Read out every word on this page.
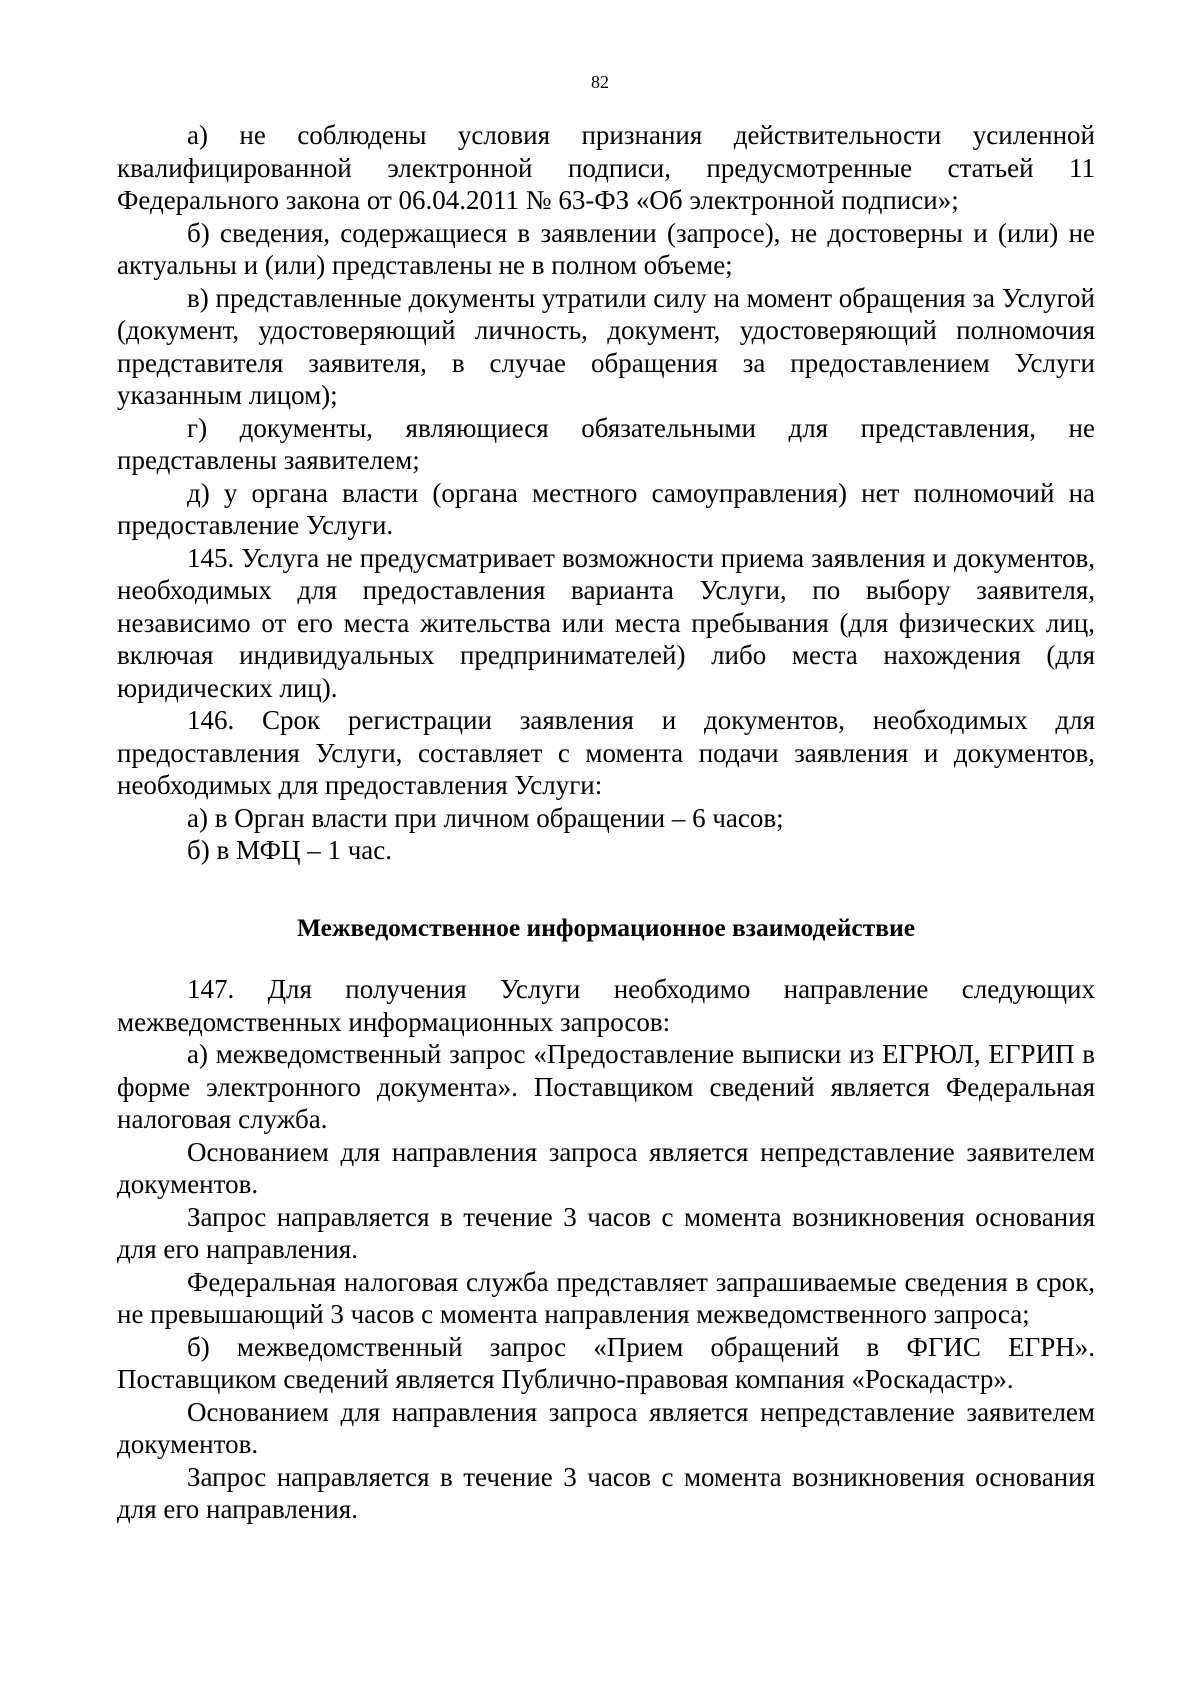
82

а) не соблюдены условия признания действительности усиленной квалифицированной электронной подписи, предусмотренные статьей 11 Федерального закона от 06.04.2011 № 63-ФЗ «Об электронной подписи»;

б) сведения, содержащиеся в заявлении (запросе), не достоверны и (или) не актуальны и (или) представлены не в полном объеме;

в) представленные документы утратили силу на момент обращения за Услугой (документ, удостоверяющий личность, документ, удостоверяющий полномочия представителя заявителя, в случае обращения за предоставлением Услуги указанным лицом);

г) документы, являющиеся обязательными для представления, не представлены заявителем;

д) у органа власти (органа местного самоуправления) нет полномочий на предоставление Услуги.

145. Услуга не предусматривает возможности приема заявления и документов, необходимых для предоставления варианта Услуги, по выбору заявителя, независимо от его места жительства или места пребывания (для физических лиц, включая индивидуальных предпринимателей) либо места нахождения (для юридических лиц).

146. Срок регистрации заявления и документов, необходимых для предоставления Услуги, составляет с момента подачи заявления и документов, необходимых для предоставления Услуги:

а) в Орган власти при личном обращении – 6 часов;

б) в МФЦ – 1 час.

Межведомственное информационное взаимодействие

147. Для получения Услуги необходимо направление следующих межведомственных информационных запросов:

а) межведомственный запрос «Предоставление выписки из ЕГРЮЛ, ЕГРИП в форме электронного документа». Поставщиком сведений является Федеральная налоговая служба.

Основанием для направления запроса является непредставление заявителем документов.

Запрос направляется в течение 3 часов с момента возникновения основания для его направления.

Федеральная налоговая служба представляет запрашиваемые сведения в срок, не превышающий 3 часов с момента направления межведомственного запроса;

б) межведомственный запрос «Прием обращений в ФГИС ЕГРН». Поставщиком сведений является Публично-правовая компания «Роскадастр».

Основанием для направления запроса является непредставление заявителем документов.

Запрос направляется в течение 3 часов с момента возникновения основания для его направления.
